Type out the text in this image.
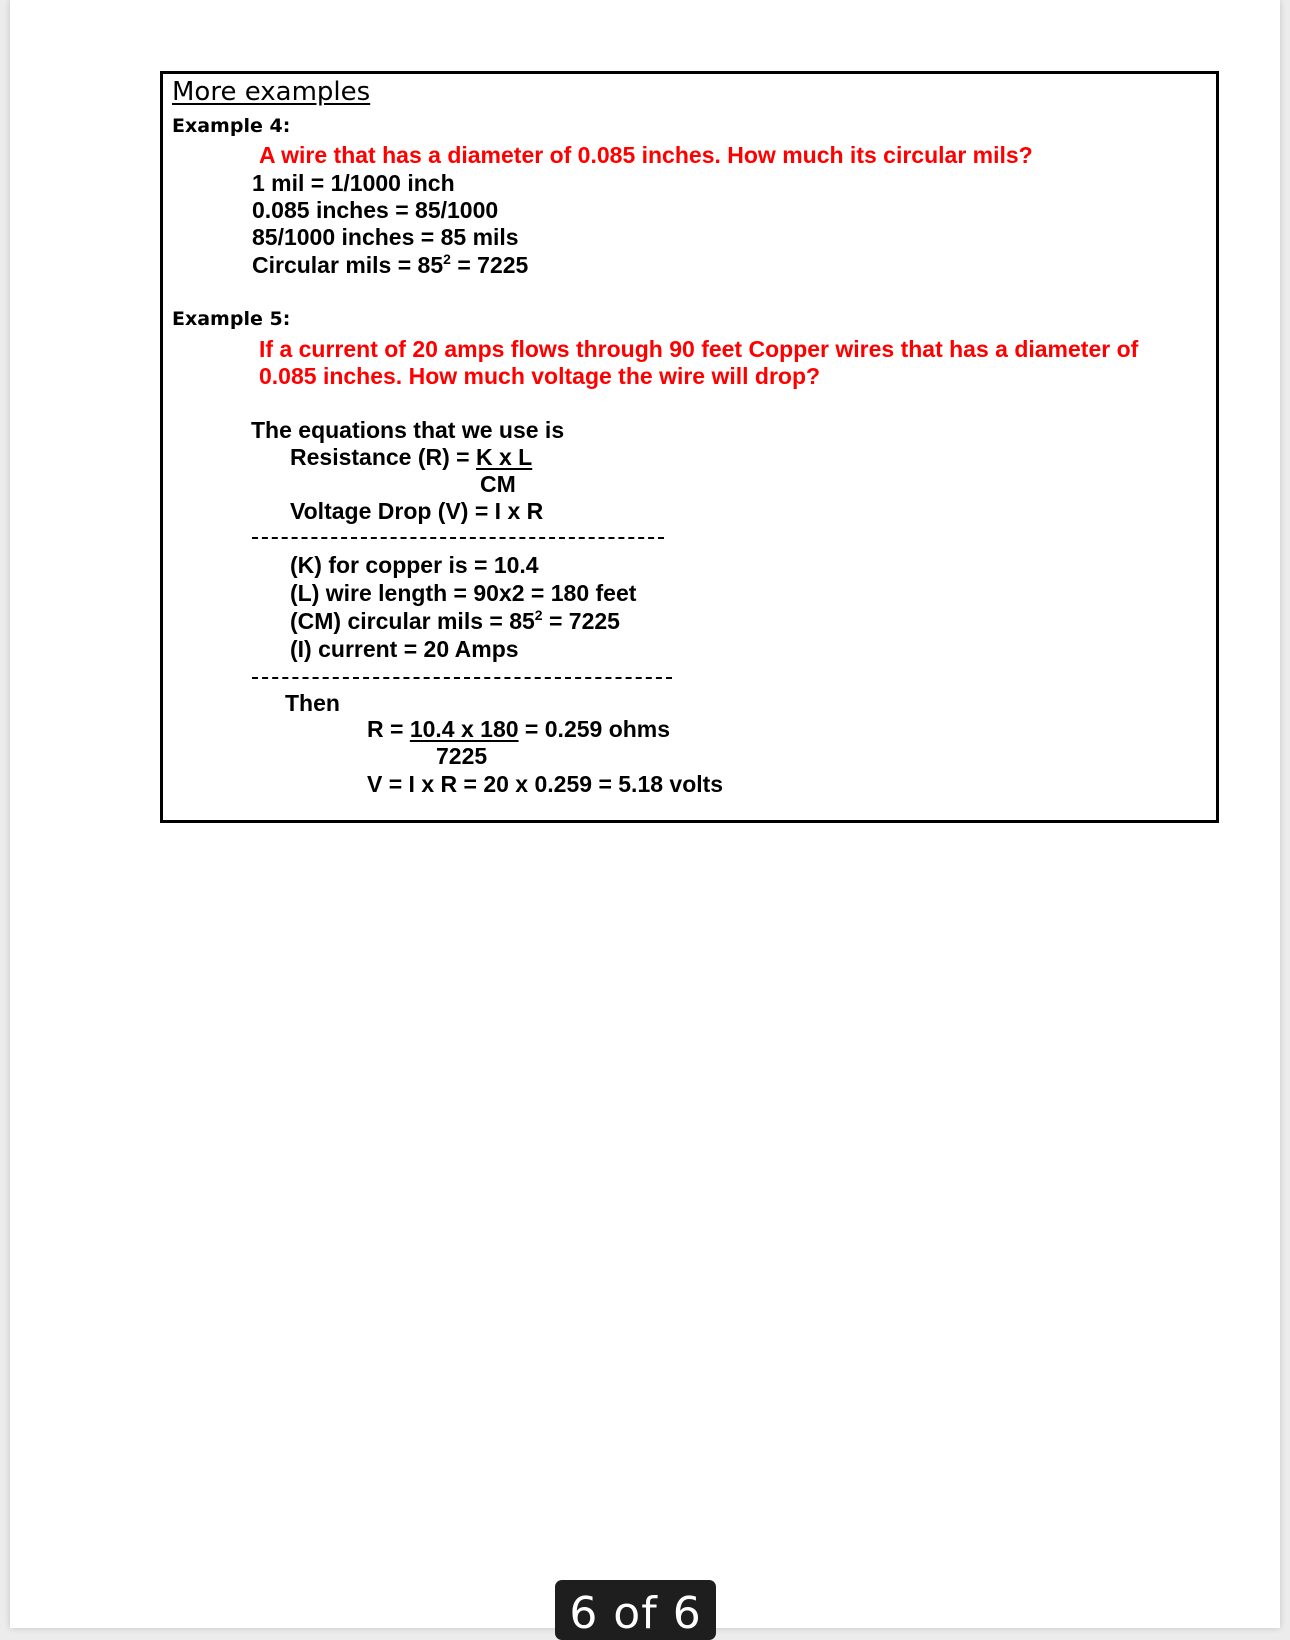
More examples
Example 4:
A wire that has a diameter of 0.085 inches. How much its circular mils?
1 mil = 1/1000 inch
0.085 inches = 85/1000
85/1000 inches = 85 mils
Circular mils = $85^2 = 7225$
Example 5:
If a current of 20 amps flows through 90 feet Copper wires that has a diameter of
0.085 inches. How much voltage the wire will drop?
The equations that we use is
Resistance (R) = K x L
CM
Voltage Drop (V) = I x R
(K) for copper is = 10.4
(L) wire length = 90x2 = 180 feet
(CM) circular mils = $85^2 = 7225$
(I) current = 20 Amps
Then
R = 10.4 x 180 = 0.259 ohms
7225
V = I x R = 20 x 0.259 = 5.18 volts
6 of 6
